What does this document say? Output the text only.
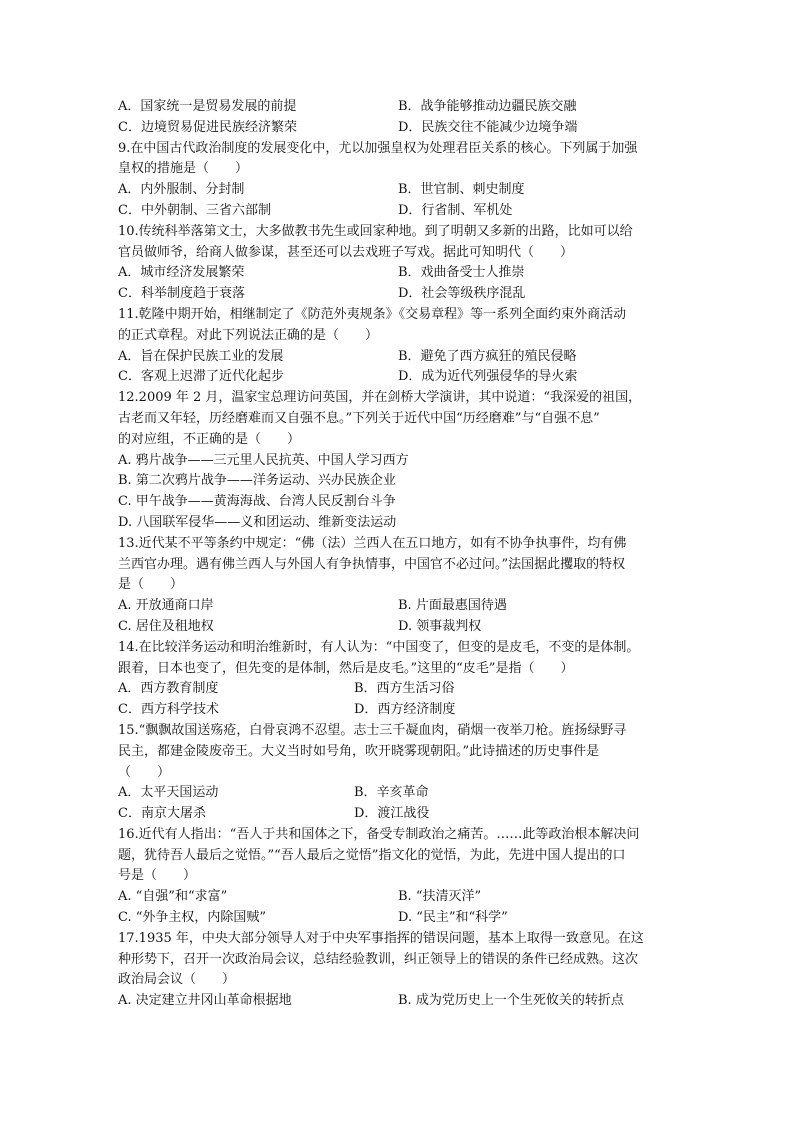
A．国家统一是贸易发展的前提	B．战争能够推动边疆民族交融
C．边境贸易促进民族经济繁荣	D．民族交往不能减少边境争端
9.在中国古代政治制度的发展变化中，尤以加强皇权为处理君臣关系的核心。下列属于加强
皇权的措施是（　　）
A．内外服制、分封制	B．世官制、刺史制度
C．中外朝制、三省六部制	D．行省制、军机处
10.传统科举落第文士，大多做教书先生或回家种地。到了明朝又多新的出路，比如可以给
官员做师爷，给商人做参谋，甚至还可以去戏班子写戏。据此可知明代（　　）
A．城市经济发展繁荣	B．戏曲备受士人推崇
C．科举制度趋于衰落	D．社会等级秩序混乱
11.乾隆中期开始，相继制定了《防范外夷规条》《交易章程》等一系列全面约束外商活动
的正式章程。对此下列说法正确的是（　　）
A．旨在保护民族工业的发展	B．避免了西方疯狂的殖民侵略
C．客观上迟滞了近代化起步	D．成为近代列强侵华的导火索
12.2009 年 2 月，温家宝总理访问英国，并在剑桥大学演讲，其中说道：“我深爱的祖国，
古老而又年轻，历经磨难而又自强不息。”下列关于近代中国“历经磨难”与“自强不息”
的对应组，不正确的是（　　）
A. 鸦片战争——三元里人民抗英、中国人学习西方
B. 第二次鸦片战争——洋务运动、兴办民族企业
C. 甲午战争——黄海海战、台湾人民反割台斗争
D. 八国联军侵华——义和团运动、维新变法运动
13.近代某不平等条约中规定：“佛（法）兰西人在五口地方，如有不协争执事件，均有佛
兰西官办理。遇有佛兰西人与外国人有争执情事，中国官不必过问。”法国据此攫取的特权
是（　　）
A. 开放通商口岸	B. 片面最惠国待遇
C. 居住及租地权	D. 领事裁判权
14.在比较洋务运动和明治维新时，有人认为：“中国变了，但变的是皮毛，不变的是体制。
跟着，日本也变了，但先变的是体制，然后是皮毛。”这里的“皮毛”是指（　　）
A．西方教育制度	B．西方生活习俗
C．西方科学技术	D．西方经济制度
15.“飘飘故国送殇疮，白骨哀鸿不忍望。志士三千凝血肉，硝烟一夜举刀枪。旌扬绿野寻
民主，都建金陵废帝王。大义当时如号角，吹开晓雾现朝阳。”此诗描述的历史事件是
（　　）
A．太平天国运动	B．辛亥革命
C．南京大屠杀	D．渡江战役
16.近代有人指出：“吾人于共和国体之下，备受专制政治之痛苦。……此等政治根本解决问
题，犹待吾人最后之觉悟。”“吾人最后之觉悟”指文化的觉悟，为此，先进中国人提出的口
号是（　　）
A. “自强”和“求富”	B. “扶清灭洋”
C. “外争主权，内除国贼”	D. “民主”和“科学”
17.1935 年，中央大部分领导人对于中央军事指挥的错误问题，基本上取得一致意见。在这
种形势下，召开一次政治局会议，总结经验教训，纠正领导上的错误的条件已经成熟。这次
政治局会议（　　）
A. 决定建立井冈山革命根据地	B. 成为党历史上一个生死攸关的转折点
